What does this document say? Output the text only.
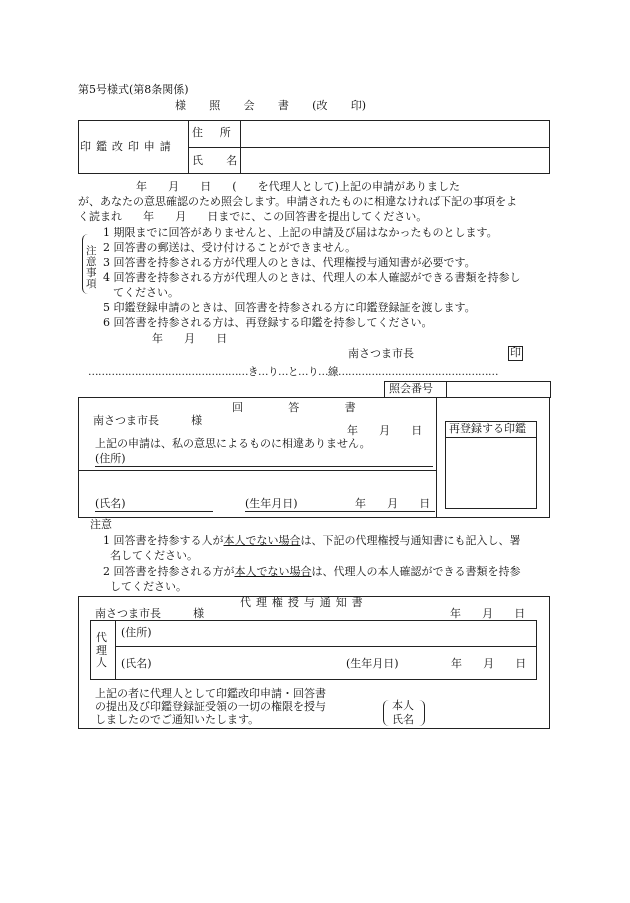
第5号様式(第8条関係)
様 照 会 書 (改 印)
印鑑改印申請
住 所
氏 名
年 月 日 ( を代理人として)上記の申請がありました
が、あなたの意思確認のため照会します。申請されたものに相違なければ下記の事項をよ
く読まれ 年 月 日までに、この回答書を提出してください。
注意事項
1 期限までに回答がありませんと、上記の申請及び届はなかったものとします。
2 回答書の郵送は、受け付けることができません。
3 回答書を持参される方が代理人のときは、代理権授与通知書が必要です。
4 回答書を持参される方が代理人のときは、代理人の本人確認ができる書類を持参し
てください。
5 印鑑登録申請のときは、回答書を持参される方に印鑑登録証を渡します。
6 回答書を持参される方は、再登録する印鑑を持参してください。
年 月 日
南さつま市長	印
…………………………………………き…り…と…り…線…………………………………………
照会番号
回 答 書
南さつま市長 様
年 月 日
上記の申請は、私の意思によるものに相違ありません。
(住所)
(氏名)	(生年月日)	年 月 日
再登録する印鑑
注意
1 回答書を持参する人が本人でない場合は、下記の代理権授与通知書にも記入し、署
名してください。
2 回答書を持参される方が本人でない場合は、代理人の本人確認ができる書類を持参
してください。
代理権授与通知書
南さつま市長 様	年 月 日
代理人
(住所)
(氏名)	(生年月日)	年 月 日
上記の者に代理人として印鑑改印申請・回答書
の提出及び印鑑登録証受領の一切の権限を授与
しましたのでご通知いたします。
本人
氏名
